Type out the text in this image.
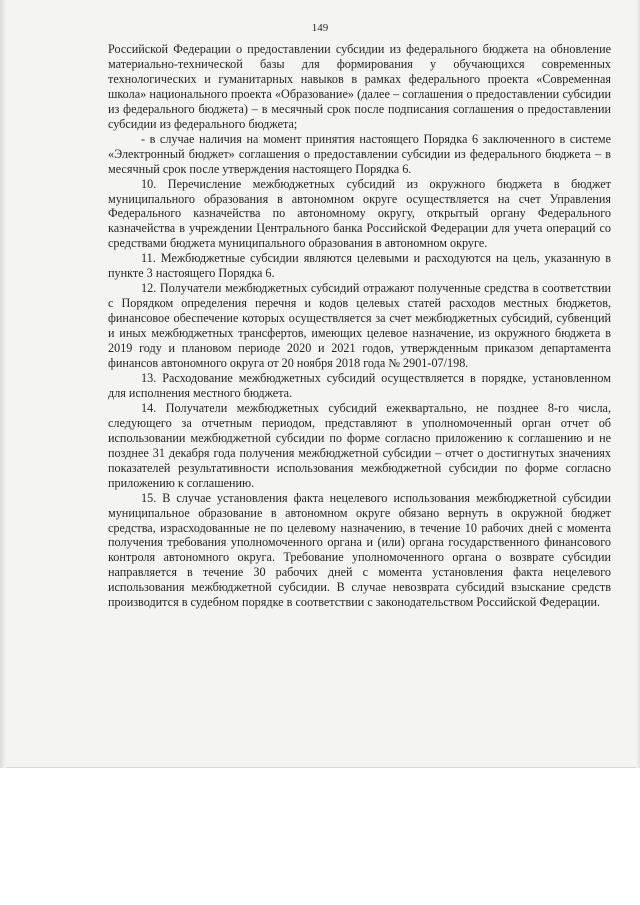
149

Российской Федерации о предоставлении субсидии из федерального бюджета на обновление материально-технической базы для формирования у обучающихся современных технологических и гуманитарных навыков в рамках федерального проекта «Современная школа» национального проекта «Образование» (далее – соглашения о предоставлении субсидии из федерального бюджета) – в месячный срок после подписания соглашения о предоставлении субсидии из федерального бюджета;

- в случае наличия на момент принятия настоящего Порядка 6 заключенного в системе «Электронный бюджет» соглашения о предоставлении субсидии из федерального бюджета – в месячный срок после утверждения настоящего Порядка 6.

10. Перечисление межбюджетных субсидий из окружного бюджета в бюджет муниципального образования в автономном округе осуществляется на счет Управления Федерального казначейства по автономному округу, открытый органу Федерального казначейства в учреждении Центрального банка Российской Федерации для учета операций со средствами бюджета муниципального образования в автономном округе.

11. Межбюджетные субсидии являются целевыми и расходуются на цель, указанную в пункте 3 настоящего Порядка 6.

12. Получатели межбюджетных субсидий отражают полученные средства в соответствии с Порядком определения перечня и кодов целевых статей расходов местных бюджетов, финансовое обеспечение которых осуществляется за счет межбюджетных субсидий, субвенций и иных межбюджетных трансфертов, имеющих целевое назначение, из окружного бюджета в 2019 году и плановом периоде 2020 и 2021 годов, утвержденным приказом департамента финансов автономного округа от 20 ноября 2018 года № 2901-07/198.

13. Расходование межбюджетных субсидий осуществляется в порядке, установленном для исполнения местного бюджета.

14. Получатели межбюджетных субсидий ежеквартально, не позднее 8-го числа, следующего за отчетным периодом, представляют в уполномоченный орган отчет об использовании межбюджетной субсидии по форме согласно приложению к соглашению и не позднее 31 декабря года получения межбюджетной субсидии – отчет о достигнутых значениях показателей результативности использования межбюджетной субсидии по форме согласно приложению к соглашению.

15. В случае установления факта нецелевого использования межбюджетной субсидии муниципальное образование в автономном округе обязано вернуть в окружной бюджет средства, израсходованные не по целевому назначению, в течение 10 рабочих дней с момента получения требования уполномоченного органа и (или) органа государственного финансового контроля автономного округа. Требование уполномоченного органа о возврате субсидии направляется в течение 30 рабочих дней с момента установления факта нецелевого использования межбюджетной субсидии. В случае невозврата субсидий взыскание средств производится в судебном порядке в соответствии с законодательством Российской Федерации.
